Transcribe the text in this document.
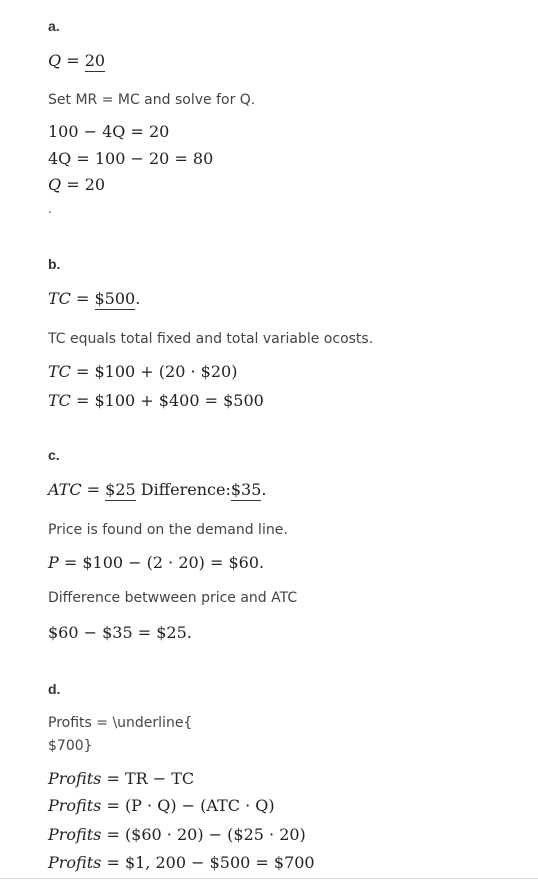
a.
Q = 20
Set MR = MC and solve for Q.
100 − 4Q = 20
4Q = 100 − 20 = 80
Q = 20
.
b.
TC = $500.
TC equals total fixed and total variable ocosts.
TC = $100 + (20 · $20)
TC = $100 + $400 = $500
c.
ATC = $25 Difference:$35.
Price is found on the demand line.
P = $100 − (2 · 20) = $60.
Difference betwween price and ATC
$60 − $35 = $25.
d.
Profits = \underline{
$700}
Profits = TR − TC
Profits = (P · Q) − (ATC · Q)
Profits = ($60 · 20) − ($25 · 20)
Profits = $1, 200 − $500 = $700
